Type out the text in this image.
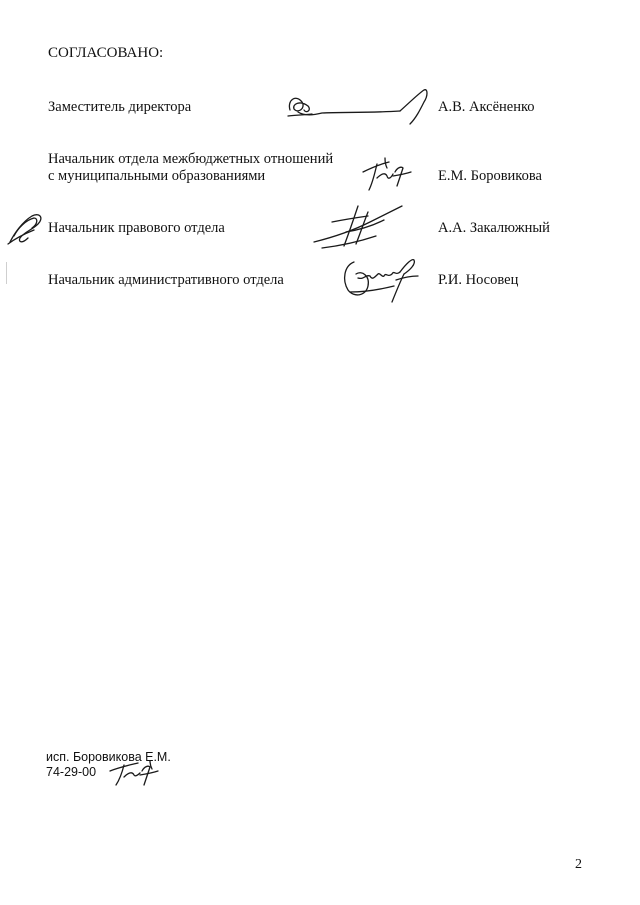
СОГЛАСОВАНО:
Заместитель директора	А.В. Аксёненко
Начальник отдела межбюджетных отношений
с муниципальными образованиями	Е.М. Боровикова
Начальник правового отдела	А.А. Закалюжный
Начальник административного отдела	Р.И. Носовец
исп. Боровикова Е.М.
74-29-00
2
